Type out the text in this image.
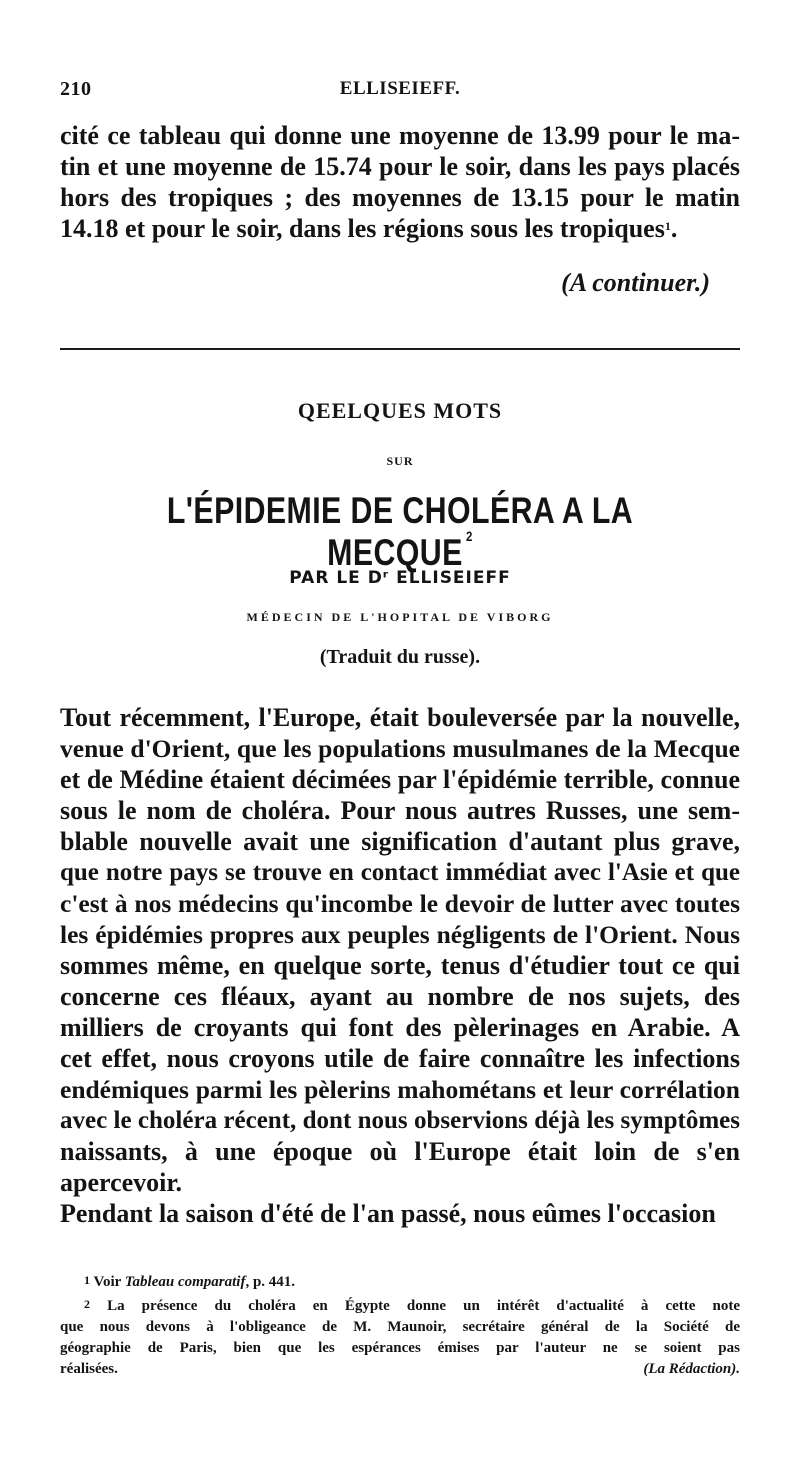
210	ELLISEIEFF.
cité ce tableau qui donne une moyenne de 13.99 pour le ma-
tin et une moyenne de 15.74 pour le soir, dans les pays placés
hors des tropiques ; des moyennes de 13.15 pour le matin
14.18 et pour le soir, dans les régions sous les tropiques$^1$.
(A continuer.)
QEELQUES MOTS
SUR
L'ÉPIDEMIE DE CHOLÉRA A LA MECQUE $^2$
PAR LE Dʳ ELLISEIEFF
MÉDECIN DE L'HOPITAL DE VIBORG
(Traduit du russe).
Tout récemment, l'Europe, était bouleversée par la nouvelle,
venue d'Orient, que les populations musulmanes de la Mecque
et de Médine étaient décimées par l'épidémie terrible, connue
sous le nom de choléra. Pour nous autres Russes, une sem-
blable nouvelle avait une signification d'autant plus grave,
que notre pays se trouve en contact immédiat avec l'Asie et que
c'est à nos médecins qu'incombe le devoir de lutter avec toutes
les épidémies propres aux peuples négligents de l'Orient. Nous
sommes même, en quelque sorte, tenus d'étudier tout ce qui
concerne ces fléaux, ayant au nombre de nos sujets, des
milliers de croyants qui font des pèlerinages en Arabie. A
cet effet, nous croyons utile de faire connaître les infections
endémiques parmi les pèlerins mahométans et leur corrélation
avec le choléra récent, dont nous observions déjà les symptômes
naissants, à une époque où l'Europe était loin de s'en
apercevoir.
Pendant la saison d'été de l'an passé, nous eûmes l'occasion
$^1$ Voir Tableau comparatif, p. 441.
$^2$ La présence du choléra en Égypte donne un intérêt d'actualité à cette note
que nous devons à l'obligeance de M. Maunoir, secrétaire général de la Société de
géographie de Paris, bien que les espérances émises par l'auteur ne se soient pas
réalisées.	(La Rédaction).
